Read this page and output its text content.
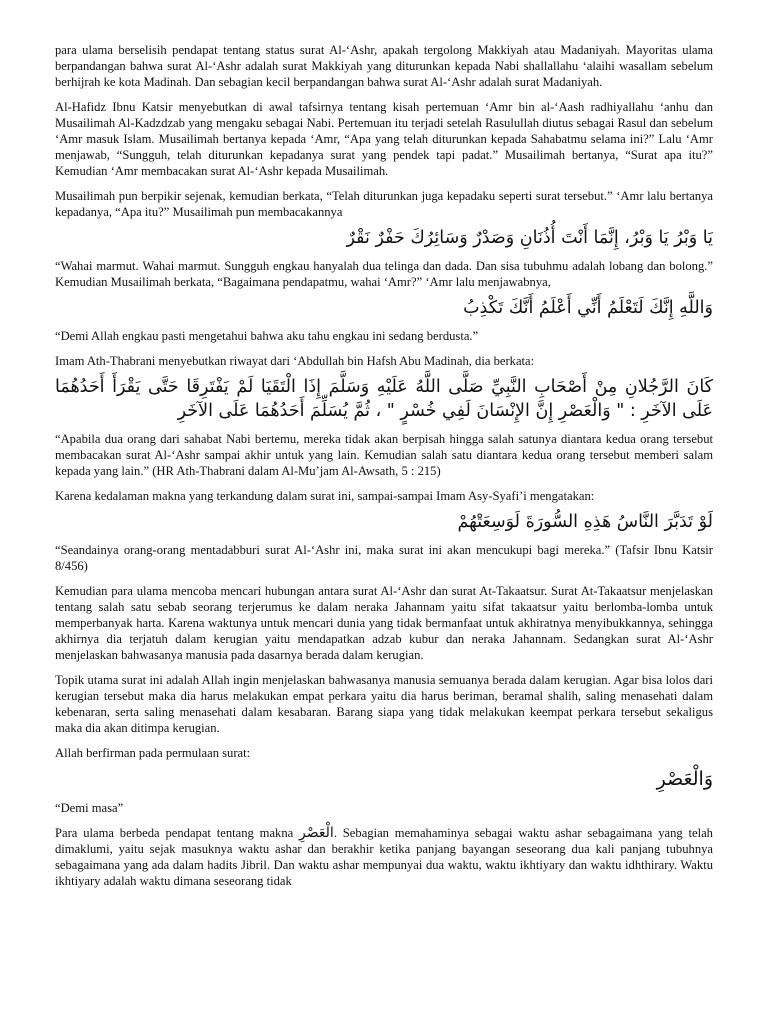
para ulama berselisih pendapat tentang status surat Al-‘Ashr, apakah tergolong Makkiyah atau Madaniyah. Mayoritas ulama berpandangan bahwa surat Al-‘Ashr adalah surat Makkiyah yang diturunkan kepada Nabi shallallahu ‘alaihi wasallam sebelum berhijrah ke kota Madinah. Dan sebagian kecil berpandangan bahwa surat Al-‘Ashr adalah surat Madaniyah.

Al-Hafidz Ibnu Katsir menyebutkan di awal tafsirnya tentang kisah pertemuan ‘Amr bin al-‘Aash radhiyallahu ‘anhu dan Musailimah Al-Kadzdzab yang mengaku sebagai Nabi. Pertemuan itu terjadi setelah Rasulullah diutus sebagai Rasul dan sebelum ‘Amr masuk Islam. Musailimah bertanya kepada ‘Amr, “Apa yang telah diturunkan kepada Sahabatmu selama ini?” Lalu ‘Amr menjawab, “Sungguh, telah diturunkan kepadanya surat yang pendek tapi padat.” Musailimah bertanya, “Surat apa itu?” Kemudian ‘Amr membacakan surat Al-‘Ashr kepada Musailimah.

Musailimah pun berpikir sejenak, kemudian berkata, “Telah diturunkan juga kepadaku seperti surat tersebut.” ‘Amr lalu bertanya kepadanya, “Apa itu?” Musailimah pun membacakannya

يَا وَبْرُ يَا وَبْرُ، إِنَّمَا أَنْتَ أُذُنَانِ وَصَدْرٌ وَسَائِرُكَ حَفْرٌ نَقْرٌ

“Wahai marmut. Wahai marmut. Sungguh engkau hanyalah dua telinga dan dada. Dan sisa tubuhmu adalah lobang dan bolong.” Kemudian Musailimah berkata, “Bagaimana pendapatmu, wahai ‘Amr?” ‘Amr lalu menjawabnya,

وَاللَّهِ إِنَّكَ لَتَعْلَمُ أَنِّي أَعْلَمُ أَنَّكَ تَكْذِبُ

“Demi Allah engkau pasti mengetahui bahwa aku tahu engkau ini sedang berdusta.”

Imam Ath-Thabrani menyebutkan riwayat dari ‘Abdullah bin Hafsh Abu Madinah, dia berkata:

كَانَ الرَّجُلانِ مِنْ أَصْحَابِ النَّبِيِّ صَلَّى اللَّهُ عَلَيْهِ وَسَلَّمَ إِذَا الْتَقَيَا لَمْ يَفْتَرِقَا حَتَّى يَقْرَأَ أَحَدُهُمَا عَلَى الآخَرِ : " وَالْعَصْرِ إِنَّ الإِنْسَانَ لَفِي خُسْرٍ " ، ثُمَّ يُسَلِّمَ أَحَدُهُمَا عَلَى الآخَرِ

“Apabila dua orang dari sahabat Nabi bertemu, mereka tidak akan berpisah hingga salah satunya diantara kedua orang tersebut membacakan surat Al-‘Ashr sampai akhir untuk yang lain. Kemudian salah satu diantara kedua orang tersebut memberi salam kepada yang lain.” (HR Ath-Thabrani dalam Al-Mu’jam Al-Awsath, 5 : 215)

Karena kedalaman makna yang terkandung dalam surat ini, sampai-sampai Imam Asy-Syafi’i mengatakan:

لَوْ تَدَبَّرَ النَّاسُ هَذِهِ السُّورَةَ لَوَسِعَتْهُمْ

“Seandainya orang-orang mentadabburi surat Al-‘Ashr ini, maka surat ini akan mencukupi bagi mereka.” (Tafsir Ibnu Katsir 8/456)

Kemudian para ulama mencoba mencari hubungan antara surat Al-‘Ashr dan surat At-Takaatsur. Surat At-Takaatsur menjelaskan tentang salah satu sebab seorang terjerumus ke dalam neraka Jahannam yaitu sifat takaatsur yaitu berlomba-lomba untuk memperbanyak harta. Karena waktunya untuk mencari dunia yang tidak bermanfaat untuk akhiratnya menyibukkannya, sehingga akhirnya dia terjatuh dalam kerugian yaitu mendapatkan adzab kubur dan neraka Jahannam. Sedangkan surat Al-‘Ashr menjelaskan bahwasanya manusia pada dasarnya berada dalam kerugian.

Topik utama surat ini adalah Allah ingin menjelaskan bahwasanya manusia semuanya berada dalam kerugian. Agar bisa lolos dari kerugian tersebut maka dia harus melakukan empat perkara yaitu dia harus beriman, beramal shalih, saling menasehati dalam kebenaran, serta saling menasehati dalam kesabaran. Barang siapa yang tidak melakukan keempat perkara tersebut sekaligus maka dia akan ditimpa kerugian.

Allah berfirman pada permulaan surat:

وَالْعَصْرِ

“Demi masa”

Para ulama berbeda pendapat tentang makna الْعَصْرِ. Sebagian memahaminya sebagai waktu ashar sebagaimana yang telah dimaklumi, yaitu sejak masuknya waktu ashar dan berakhir ketika panjang bayangan seseorang dua kali panjang tubuhnya sebagaimana yang ada dalam hadits Jibril. Dan waktu ashar mempunyai dua waktu, waktu ikhtiyary dan waktu idhthirary. Waktu ikhtiyary adalah waktu dimana seseorang tidak
